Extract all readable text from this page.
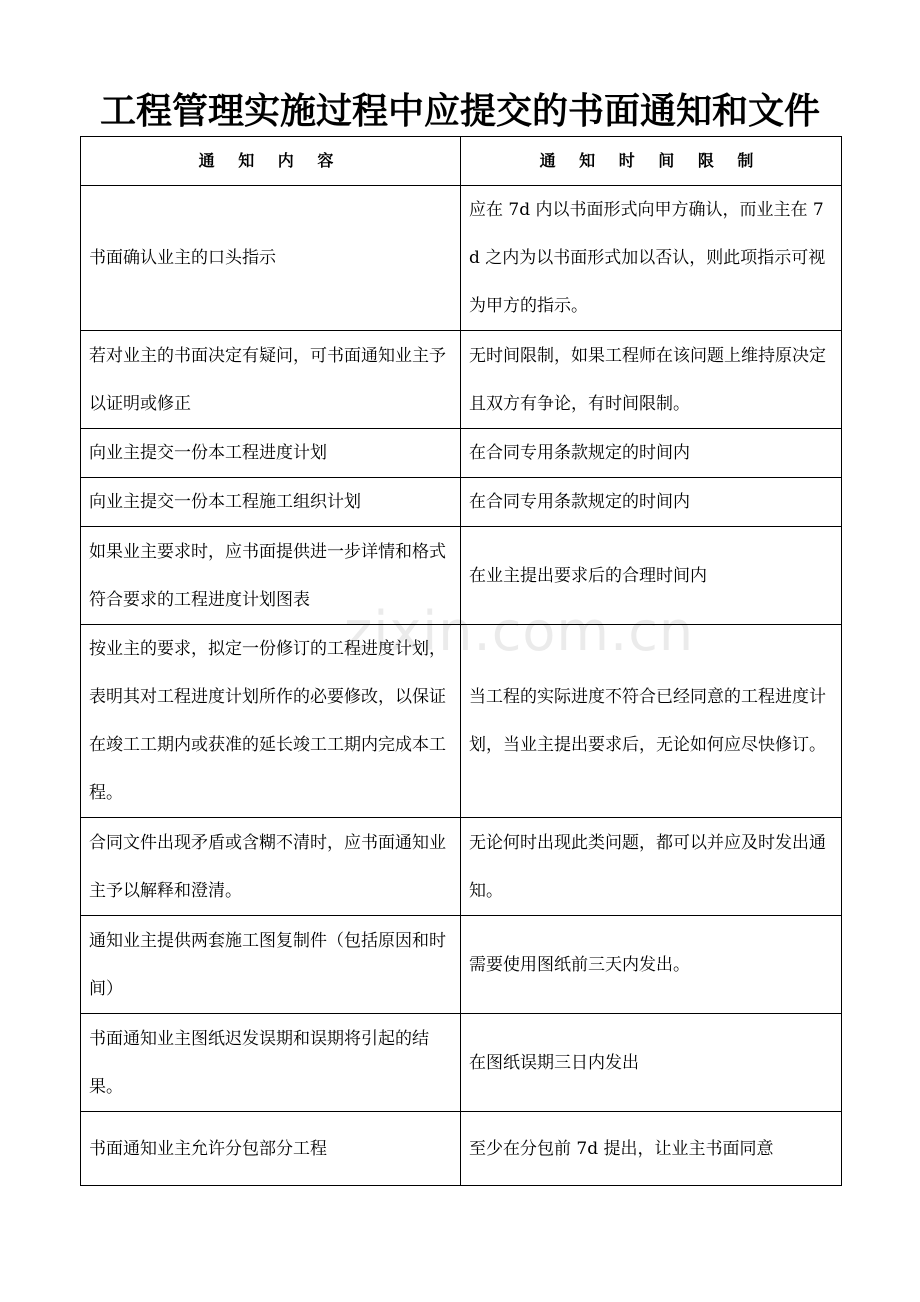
工程管理实施过程中应提交的书面通知和文件
zixin.com.cn
通 知 内 容	通 知 时 间 限 制
书面确认业主的口头指示	应在 7d 内以书面形式向甲方确认，而业主在 7d 之内为以书面形式加以否认，则此项指示可视为甲方的指示。
若对业主的书面决定有疑问，可书面通知业主予以证明或修正	无时间限制，如果工程师在该问题上维持原决定且双方有争论，有时间限制。
向业主提交一份本工程进度计划	在合同专用条款规定的时间内
向业主提交一份本工程施工组织计划	在合同专用条款规定的时间内
如果业主要求时，应书面提供进一步详情和格式符合要求的工程进度计划图表	在业主提出要求后的合理时间内
按业主的要求，拟定一份修订的工程进度计划，表明其对工程进度计划所作的必要修改，以保证在竣工工期内或获准的延长竣工工期内完成本工程。	当工程的实际进度不符合已经同意的工程进度计划，当业主提出要求后，无论如何应尽快修订。
合同文件出现矛盾或含糊不清时，应书面通知业主予以解释和澄清。	无论何时出现此类问题，都可以并应及时发出通知。
通知业主提供两套施工图复制件（包括原因和时间）	需要使用图纸前三天内发出。
书面通知业主图纸迟发误期和误期将引起的结果。	在图纸误期三日内发出
书面通知业主允许分包部分工程	至少在分包前 7d 提出，让业主书面同意
